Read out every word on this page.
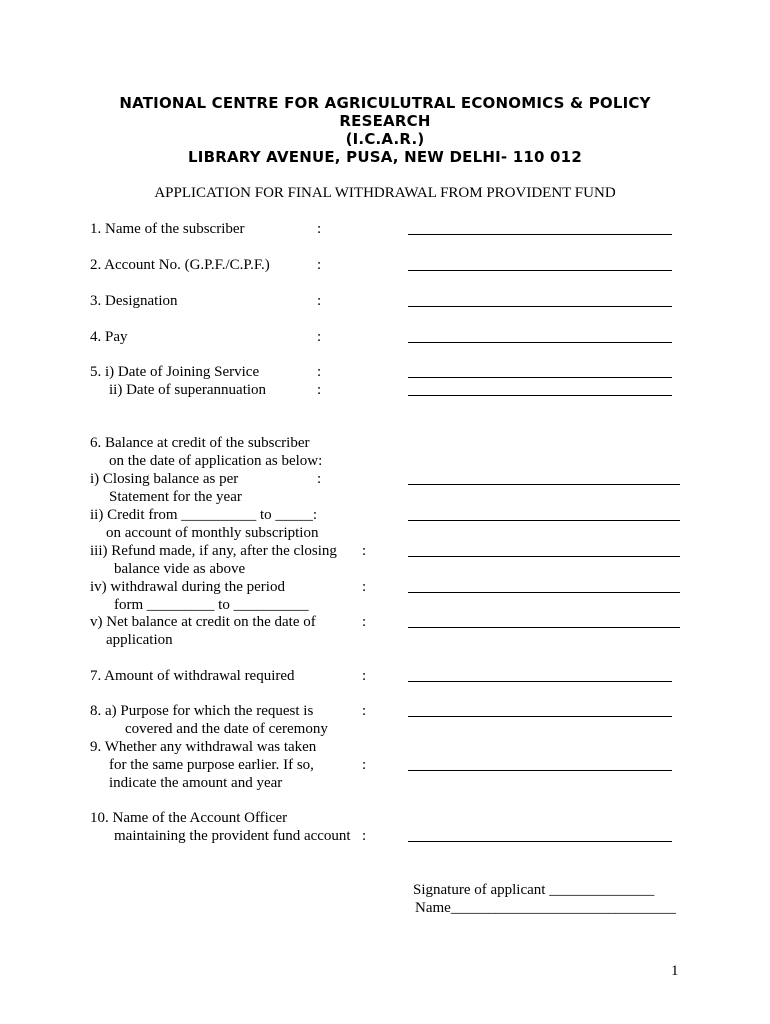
NATIONAL CENTRE FOR AGRICULUTRAL ECONOMICS & POLICY
RESEARCH
(I.C.A.R.)
LIBRARY AVENUE, PUSA, NEW DELHI- 110 012
APPLICATION FOR FINAL WITHDRAWAL FROM PROVIDENT FUND
1. Name of the subscriber	:
2. Account No. (G.P.F./C.P.F.)	:
3. Designation	:
4. Pay	:
5. i) Date of Joining Service	:
ii) Date of superannuation	:
6. Balance at credit of the subscriber
on the date of application as below:
i) Closing balance as per	:
Statement for the year
ii) Credit from __________ to _____:
on account of monthly subscription
iii) Refund made, if any, after the closing :
balance vide as above
iv) withdrawal during the period	:
form _________ to __________
v) Net balance at credit on the date of	:
application
7. Amount of withdrawal required	:
8. a) Purpose for which the request is	:
covered and the date of ceremony
9. Whether any withdrawal was taken
for the same purpose earlier. If so,	:
indicate the amount and year
10. Name of the Account Officer
maintaining the provident fund account :
Signature of applicant ______________
Name______________________________
1
